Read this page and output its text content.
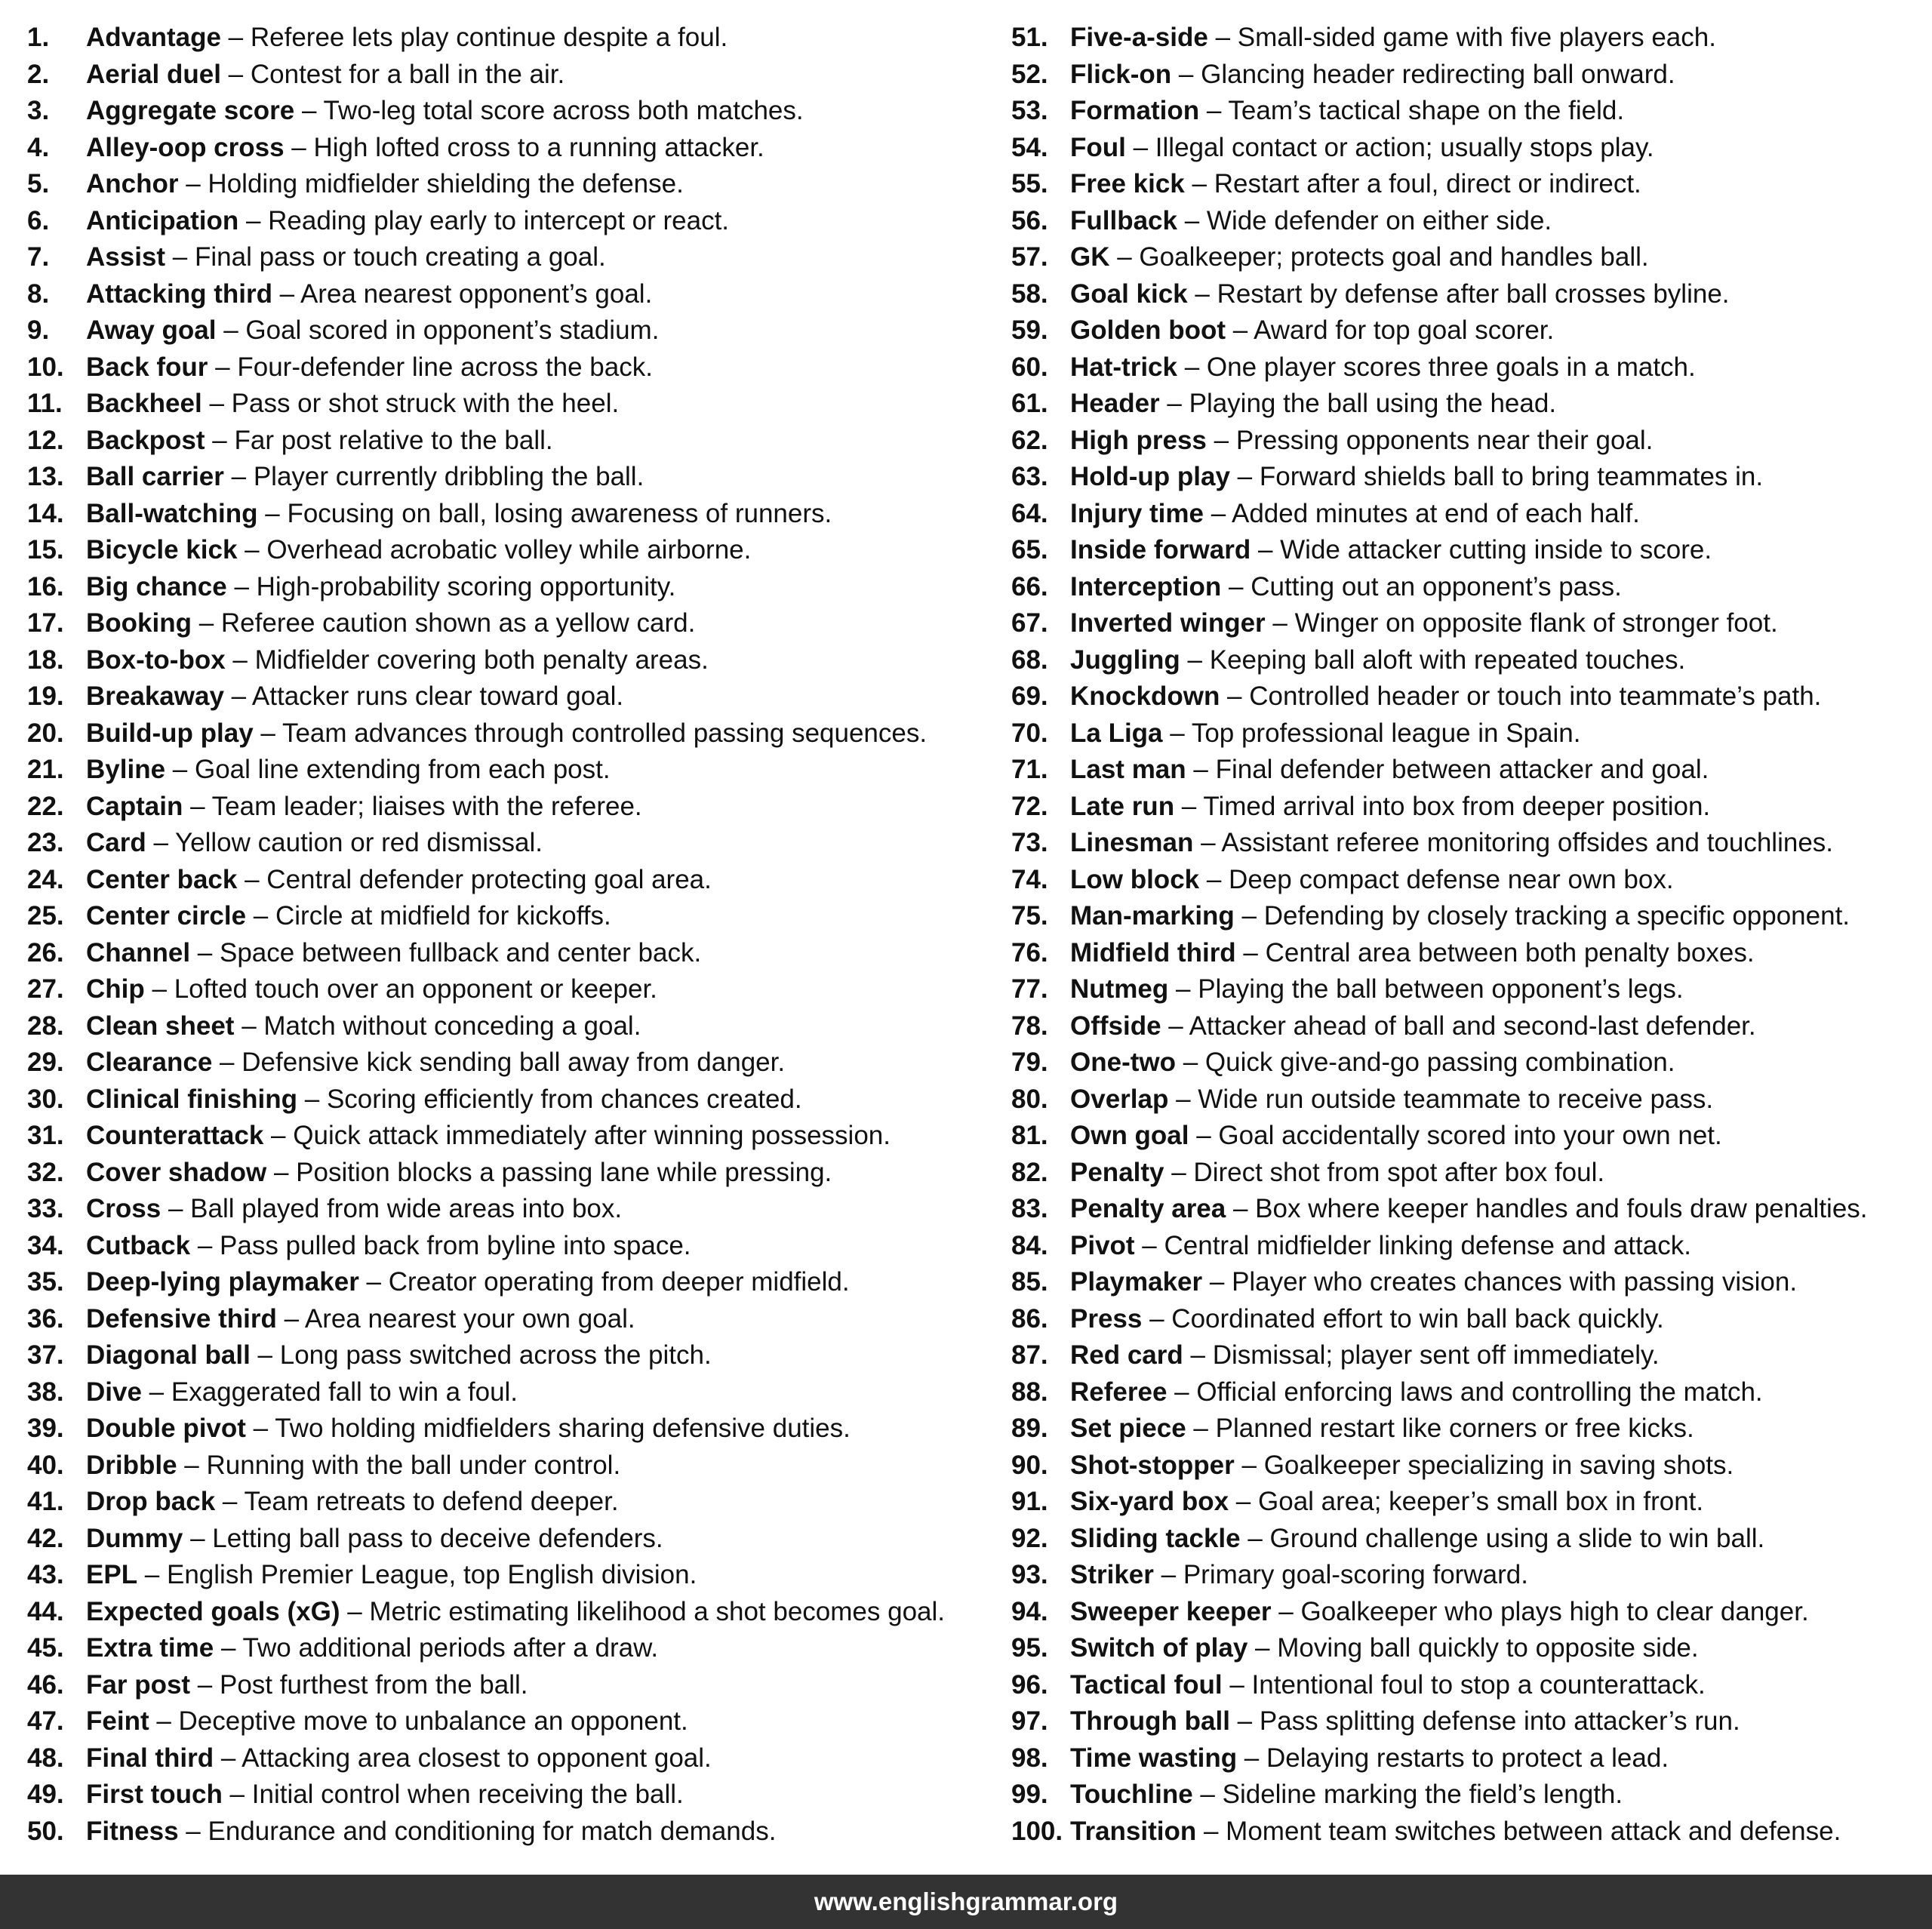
1. Advantage – Referee lets play continue despite a foul.
2. Aerial duel – Contest for a ball in the air.
3. Aggregate score – Two-leg total score across both matches.
4. Alley-oop cross – High lofted cross to a running attacker.
5. Anchor – Holding midfielder shielding the defense.
6. Anticipation – Reading play early to intercept or react.
7. Assist – Final pass or touch creating a goal.
8. Attacking third – Area nearest opponent’s goal.
9. Away goal – Goal scored in opponent’s stadium.
10. Back four – Four-defender line across the back.
11. Backheel – Pass or shot struck with the heel.
12. Backpost – Far post relative to the ball.
13. Ball carrier – Player currently dribbling the ball.
14. Ball-watching – Focusing on ball, losing awareness of runners.
15. Bicycle kick – Overhead acrobatic volley while airborne.
16. Big chance – High-probability scoring opportunity.
17. Booking – Referee caution shown as a yellow card.
18. Box-to-box – Midfielder covering both penalty areas.
19. Breakaway – Attacker runs clear toward goal.
20. Build-up play – Team advances through controlled passing sequences.
21. Byline – Goal line extending from each post.
22. Captain – Team leader; liaises with the referee.
23. Card – Yellow caution or red dismissal.
24. Center back – Central defender protecting goal area.
25. Center circle – Circle at midfield for kickoffs.
26. Channel – Space between fullback and center back.
27. Chip – Lofted touch over an opponent or keeper.
28. Clean sheet – Match without conceding a goal.
29. Clearance – Defensive kick sending ball away from danger.
30. Clinical finishing – Scoring efficiently from chances created.
31. Counterattack – Quick attack immediately after winning possession.
32. Cover shadow – Position blocks a passing lane while pressing.
33. Cross – Ball played from wide areas into box.
34. Cutback – Pass pulled back from byline into space.
35. Deep-lying playmaker – Creator operating from deeper midfield.
36. Defensive third – Area nearest your own goal.
37. Diagonal ball – Long pass switched across the pitch.
38. Dive – Exaggerated fall to win a foul.
39. Double pivot – Two holding midfielders sharing defensive duties.
40. Dribble – Running with the ball under control.
41. Drop back – Team retreats to defend deeper.
42. Dummy – Letting ball pass to deceive defenders.
43. EPL – English Premier League, top English division.
44. Expected goals (xG) – Metric estimating likelihood a shot becomes goal.
45. Extra time – Two additional periods after a draw.
46. Far post – Post furthest from the ball.
47. Feint – Deceptive move to unbalance an opponent.
48. Final third – Attacking area closest to opponent goal.
49. First touch – Initial control when receiving the ball.
50. Fitness – Endurance and conditioning for match demands.
51. Five-a-side – Small-sided game with five players each.
52. Flick-on – Glancing header redirecting ball onward.
53. Formation – Team’s tactical shape on the field.
54. Foul – Illegal contact or action; usually stops play.
55. Free kick – Restart after a foul, direct or indirect.
56. Fullback – Wide defender on either side.
57. GK – Goalkeeper; protects goal and handles ball.
58. Goal kick – Restart by defense after ball crosses byline.
59. Golden boot – Award for top goal scorer.
60. Hat-trick – One player scores three goals in a match.
61. Header – Playing the ball using the head.
62. High press – Pressing opponents near their goal.
63. Hold-up play – Forward shields ball to bring teammates in.
64. Injury time – Added minutes at end of each half.
65. Inside forward – Wide attacker cutting inside to score.
66. Interception – Cutting out an opponent’s pass.
67. Inverted winger – Winger on opposite flank of stronger foot.
68. Juggling – Keeping ball aloft with repeated touches.
69. Knockdown – Controlled header or touch into teammate’s path.
70. La Liga – Top professional league in Spain.
71. Last man – Final defender between attacker and goal.
72. Late run – Timed arrival into box from deeper position.
73. Linesman – Assistant referee monitoring offsides and touchlines.
74. Low block – Deep compact defense near own box.
75. Man-marking – Defending by closely tracking a specific opponent.
76. Midfield third – Central area between both penalty boxes.
77. Nutmeg – Playing the ball between opponent’s legs.
78. Offside – Attacker ahead of ball and second-last defender.
79. One-two – Quick give-and-go passing combination.
80. Overlap – Wide run outside teammate to receive pass.
81. Own goal – Goal accidentally scored into your own net.
82. Penalty – Direct shot from spot after box foul.
83. Penalty area – Box where keeper handles and fouls draw penalties.
84. Pivot – Central midfielder linking defense and attack.
85. Playmaker – Player who creates chances with passing vision.
86. Press – Coordinated effort to win ball back quickly.
87. Red card – Dismissal; player sent off immediately.
88. Referee – Official enforcing laws and controlling the match.
89. Set piece – Planned restart like corners or free kicks.
90. Shot-stopper – Goalkeeper specializing in saving shots.
91. Six-yard box – Goal area; keeper’s small box in front.
92. Sliding tackle – Ground challenge using a slide to win ball.
93. Striker – Primary goal-scoring forward.
94. Sweeper keeper – Goalkeeper who plays high to clear danger.
95. Switch of play – Moving ball quickly to opposite side.
96. Tactical foul – Intentional foul to stop a counterattack.
97. Through ball – Pass splitting defense into attacker’s run.
98. Time wasting – Delaying restarts to protect a lead.
99. Touchline – Sideline marking the field’s length.
100. Transition – Moment team switches between attack and defense.
www.englishgrammar.org
